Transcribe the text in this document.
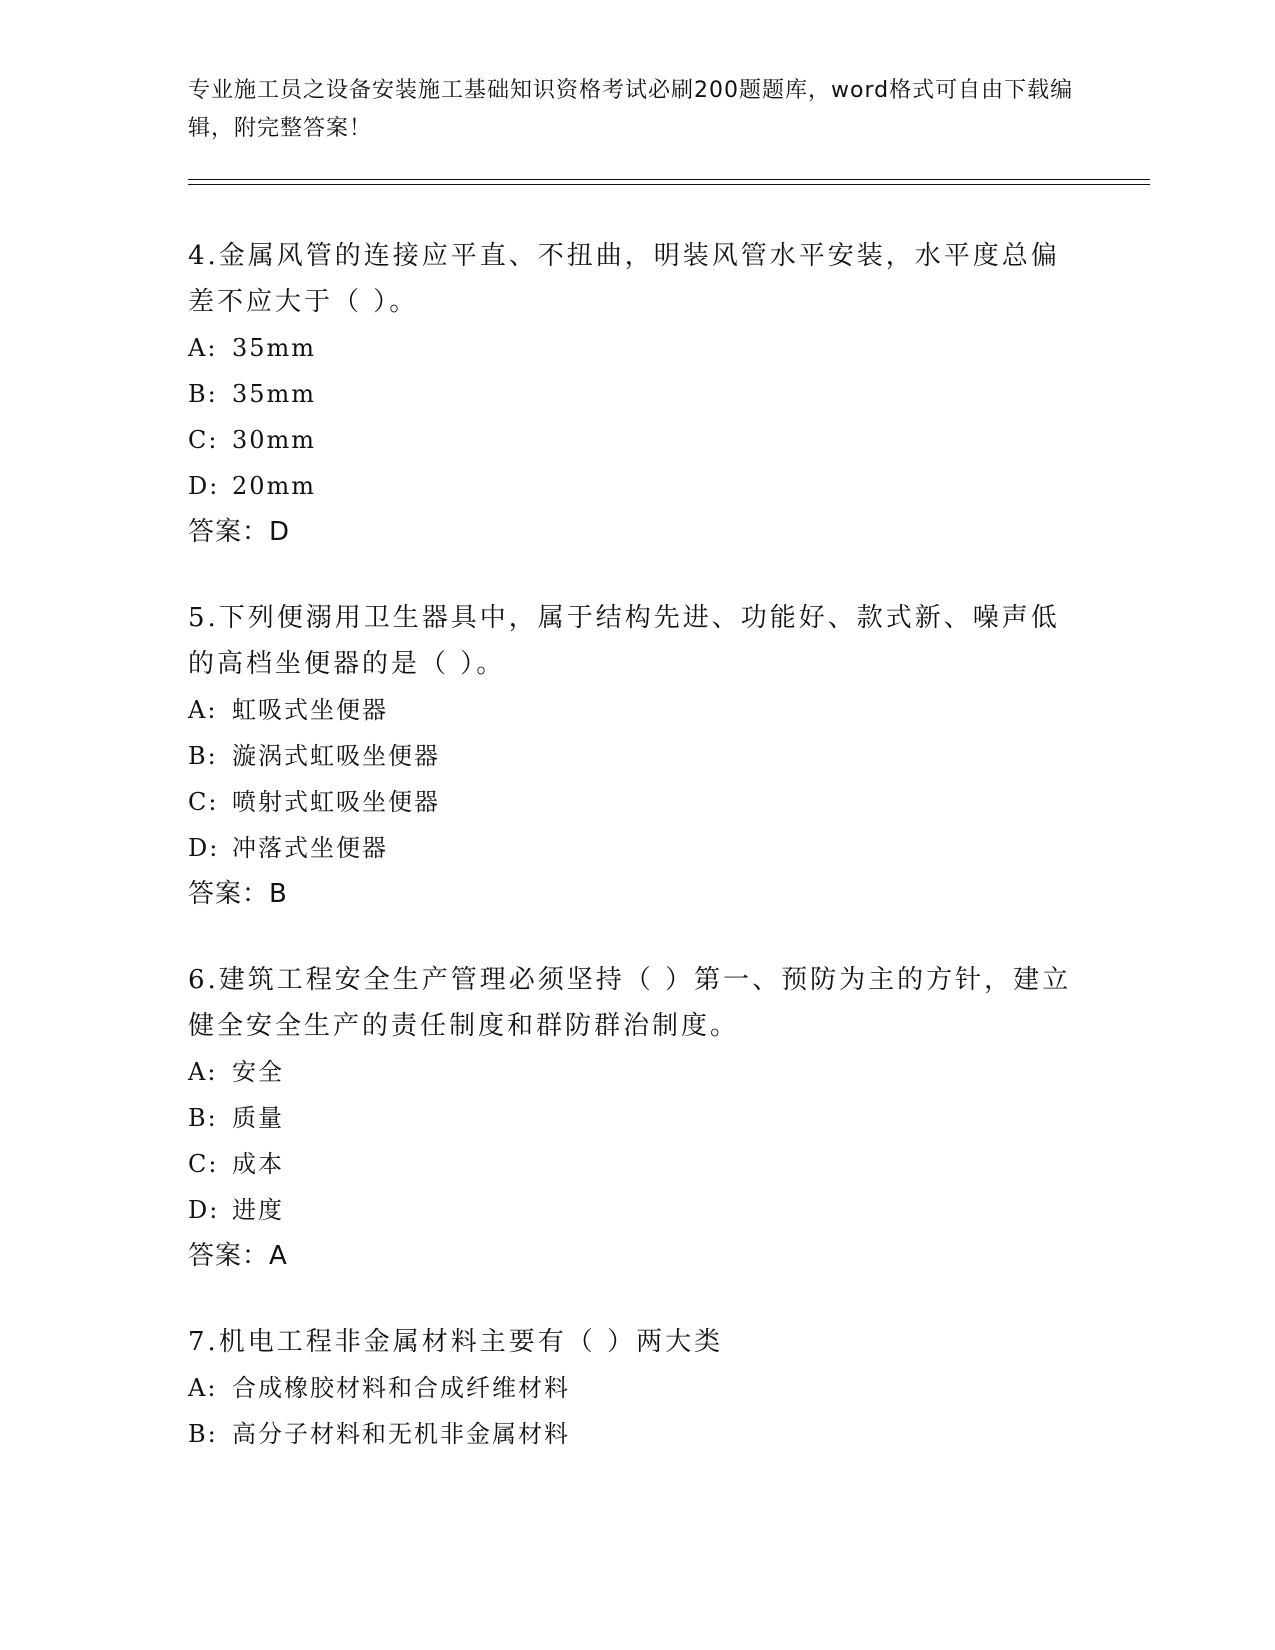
专业施工员之设备安装施工基础知识资格考试必刷200题题库，word格式可自由下载编辑，附完整答案！

4.金属风管的连接应平直、不扭曲，明装风管水平安装，水平度总偏差不应大于（ ）。

A: 35mm
B: 35mm
C: 30mm
D: 20mm
答案：D

5.下列便溺用卫生器具中，属于结构先进、功能好、款式新、噪声低的高档坐便器的是（ ）。

A: 虹吸式坐便器
B: 漩涡式虹吸坐便器
C: 喷射式虹吸坐便器
D: 冲落式坐便器
答案：B

6.建筑工程安全生产管理必须坚持（ ）第一、预防为主的方针，建立健全安全生产的责任制度和群防群治制度。

A: 安全
B: 质量
C: 成本
D: 进度
答案：A

7.机电工程非金属材料主要有（ ）两大类

A: 合成橡胶材料和合成纤维材料
B: 高分子材料和无机非金属材料
